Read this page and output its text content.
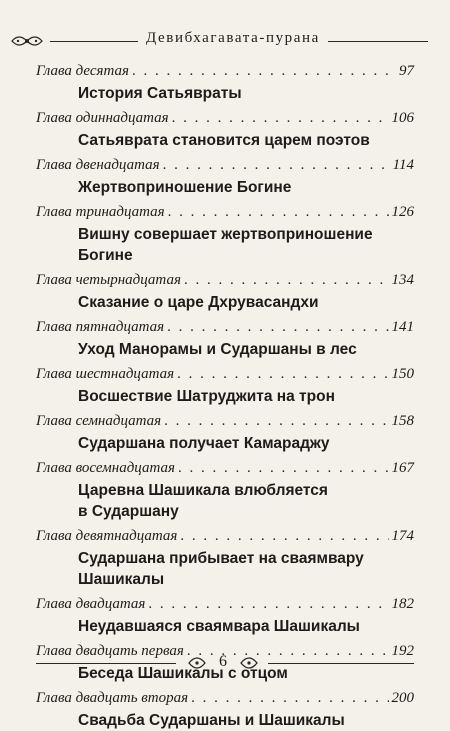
Девибхагавата-пурана
Глава десятая . . .	97
История Сатьявраты
Глава одиннадцатая . . .	106
Сатьяврата становится царем поэтов
Глава двенадцатая . . .	114
Жертвоприношение Богине
Глава тринадцатая . . .	126
Вишну совершает жертвоприношение
Богине
Глава четырнадцатая . . .	134
Сказание о царе Дхрувасандхи
Глава пятнадцатая . . .	141
Уход Манорамы и Сударшаны в лес
Глава шестнадцатая . . .	150
Восшествие Шатруджита на трон
Глава семнадцатая . . .	158
Сударшана получает Камараджу
Глава восемнадцатая . . .	167
Царевна Шашикала влюбляется
в Сударшану
Глава девятнадцатая . . .	174
Сударшана прибывает на сваямвару
Шашикалы
Глава двадцатая . . .	182
Неудавшаяся сваямвара Шашикалы
Глава двадцать первая . . .	192
Беседа Шашикалы с отцом
Глава двадцать вторая . . .	200
Свадьба Сударшаны и Шашикалы
6
